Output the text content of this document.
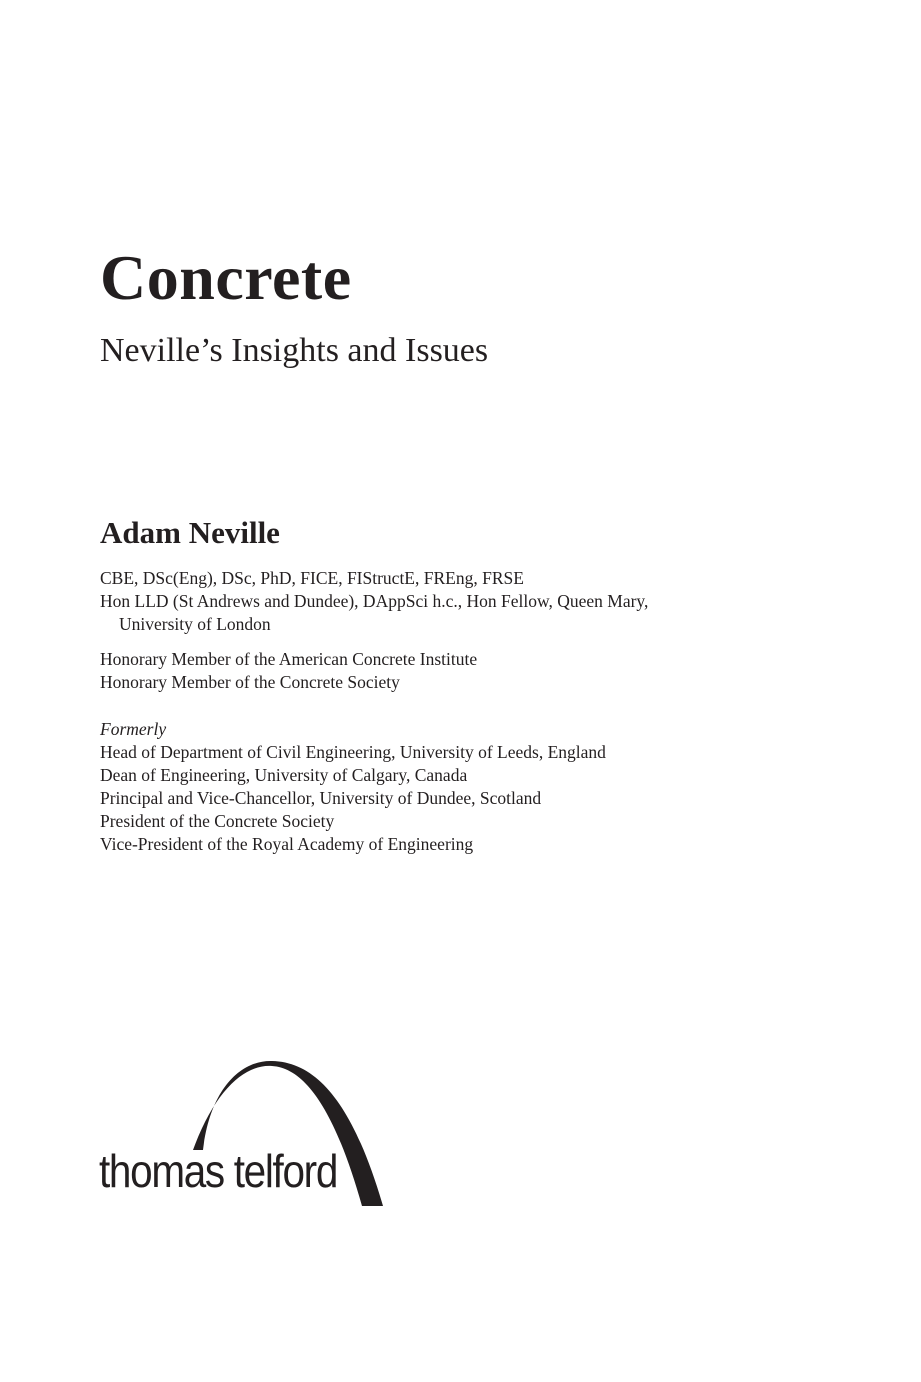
Concrete
Neville’s Insights and Issues
Adam Neville
CBE, DSc(Eng), DSc, PhD, FICE, FIStructE, FREng, FRSE
Hon LLD (St Andrews and Dundee), DAppSci h.c., Hon Fellow, Queen Mary,
University of London
Honorary Member of the American Concrete Institute
Honorary Member of the Concrete Society
Formerly
Head of Department of Civil Engineering, University of Leeds, England
Dean of Engineering, University of Calgary, Canada
Principal and Vice-Chancellor, University of Dundee, Scotland
President of the Concrete Society
Vice-President of the Royal Academy of Engineering
thomas telford
